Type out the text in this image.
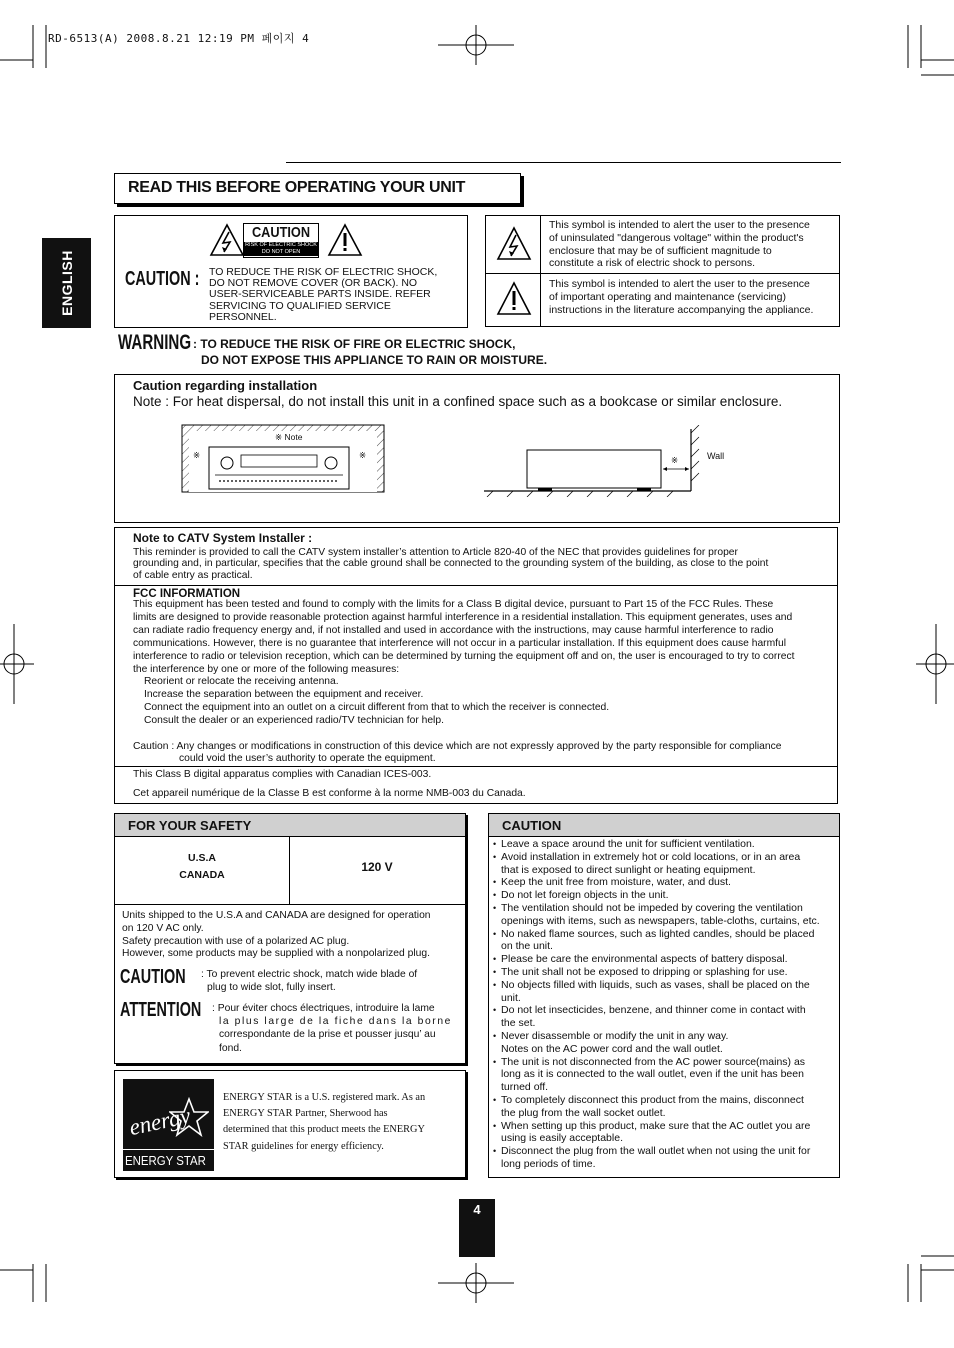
RD-6513(A) 2008.8.21 12:19 PM 페이지 4
READ THIS BEFORE OPERATING YOUR UNIT
ENGLISH
CAUTION
RISK OF ELECTRIC SHOCK
DO NOT OPEN
CAUTION : TO REDUCE THE RISK OF ELECTRIC SHOCK,
DO NOT REMOVE COVER (OR BACK). NO
USER-SERVICEABLE PARTS INSIDE. REFER
SERVICING TO QUALIFIED SERVICE
PERSONNEL.
This symbol is intended to alert the user to the presence
of uninsulated "dangerous voltage" within the product's
enclosure that may be of sufficient magnitude to
constitute a risk of electric shock to persons.
This symbol is intended to alert the user to the presence
of important operating and maintenance (servicing)
instructions in the literature accompanying the appliance.
WARNING : TO REDUCE THE RISK OF FIRE OR ELECTRIC SHOCK,
DO NOT EXPOSE THIS APPLIANCE TO RAIN OR MOISTURE.
Caution regarding installation
Note : For heat dispersal, do not install this unit in a confined space such as a bookcase or similar enclosure.
※ Note
※	※	※	Wall
Note to CATV System Installer :
This reminder is provided to call the CATV system installer’s attention to Article 820-40 of the NEC that provides guidelines for proper
grounding and, in particular, specifies that the cable ground shall be connected to the grounding system of the building, as close to the point
of cable entry as practical.
FCC INFORMATION
This equipment has been tested and found to comply with the limits for a Class B digital device, pursuant to Part 15 of the FCC Rules. These
limits are designed to provide reasonable protection against harmful interference in a residential installation. This equipment generates, uses and
can radiate radio frequency energy and, if not installed and used in accordance with the instructions, may cause harmful interference to radio
communications. However, there is no guarantee that interference will not occur in a particular installation. If this equipment does cause harmful
interference to radio or television reception, which can be determined by turning the equipment off and on, the user is encouraged to try to correct
the interference by one or more of the following measures:
Reorient or relocate the receiving antenna.
Increase the separation between the equipment and receiver.
Connect the equipment into an outlet on a circuit different from that to which the receiver is connected.
Consult the dealer or an experienced radio/TV technician for help.
Caution : Any changes or modifications in construction of this device which are not expressly approved by the party responsible for compliance
could void the user’s authority to operate the equipment.
This Class B digital apparatus complies with Canadian ICES-003.
Cet appareil numérique de la Classe B est conforme à la norme NMB-003 du Canada.
FOR YOUR SAFETY
U.S.A
CANADA
120 V
Units shipped to the U.S.A and CANADA are designed for operation
on 120 V AC only.
Safety precaution with use of a polarized AC plug.
However, some products may be supplied with a nonpolarized plug.
CAUTION	: To prevent electric shock, match wide blade of
plug to wide slot, fully insert.
ATTENTION	: Pour éviter chocs électriques, introduire la lame
la plus large de la fiche dans la borne
correspondante de la prise et pousser jusqu’ au
fond.
energy
ENERGY STAR
ENERGY STAR is a U.S. registered mark. As an
ENERGY STAR Partner, Sherwood has
determined that this product meets the ENERGY
STAR guidelines for energy efficiency.
CAUTION
• Leave a space around the unit for sufficient ventilation.
• Avoid installation in extremely hot or cold locations, or in an area
that is exposed to direct sunlight or heating equipment.
• Keep the unit free from moisture, water, and dust.
• Do not let foreign objects in the unit.
• The ventilation should not be impeded by covering the ventilation
openings with items, such as newspapers, table-cloths, curtains, etc.
• No naked flame sources, such as lighted candles, should be placed
on the unit.
• Please be care the environmental aspects of battery disposal.
• The unit shall not be exposed to dripping or splashing for use.
• No objects filled with liquids, such as vases, shall be placed on the
unit.
• Do not let insecticides, benzene, and thinner come in contact with
the set.
• Never disassemble or modify the unit in any way.
Notes on the AC power cord and the wall outlet.
• The unit is not disconnected from the AC power source(mains) as
long as it is connected to the wall outlet, even if the unit has been
turned off.
• To completely disconnect this product from the mains, disconnect
the plug from the wall socket outlet.
• When setting up this product, make sure that the AC outlet you are
using is easily acceptable.
• Disconnect the plug from the wall outlet when not using the unit for
long periods of time.
4
